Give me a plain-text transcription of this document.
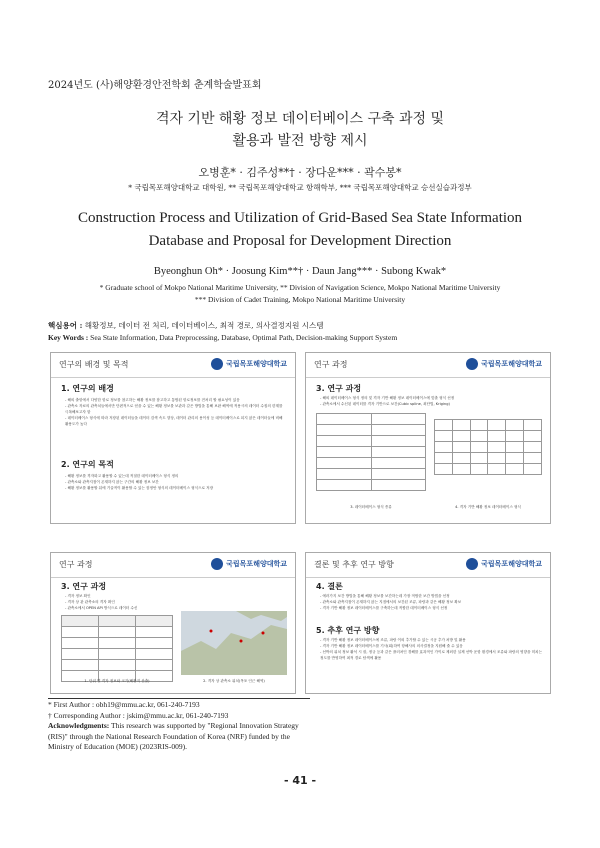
2024년도 (사)해양환경안전학회 춘계학술발표회
격자 기반 해황 정보 데이터베이스 구축 과정 및
활용과 발전 방향 제시
오병훈* · 김주성**† · 장다운*** · 곽수봉*
* 국립목포해양대학교 대학원, ** 국립목포해양대학교 항해학부, *** 국립목포해양대학교 승선실습과정부
Construction Process and Utilization of Grid-Based Sea State Information
Database and Proposal for Development Direction
Byeonghun Oh* · Joosung Kim**† · Daun Jang*** · Subong Kwak*
* Graduate school of Mokpo National Maritime University, ** Division of Navigation Science, Mokpo National Maritime University
*** Division of Cadet Training, Mokpo National Maritime University
핵심용어 : 해황정보, 데이터 전 처리, 데이터베이스, 최적 경로, 의사결정지원 시스템
Key Words : Sea State Information, Data Preprocessing, Database, Optimal Path, Decision-making Support System
연구의 배경 및 목적	국립목포해양대학교
1. 연구의 배경
- 해외 출항에서 다양한 항로 정보를 참고하는 해황 정보를 참고하고 통합된 항로정보를 전처리 할 필요성이 있음
- 관측소 자료의 관측치들에서만 단편적으로 얻을 수 있는 해황 정보를 보관과 같은 방법을 통해 보완 해역에 적용시켜 데이터 수집의 한계를 극복해보고자 함
- 데이터베이스 형식에 따라 저장된 데이터들을 데이터 검색 속도 향상, 데이터 관리의 용이성 등 데이터베이스로 되지 않은 데이터들에 비해 활용도가 높다
2. 연구의 목적
- 해황 정보를 격자화고 활용할 수 있는데 적절한 데이터베이스 형식 정의
- 관측소와 관측지점이 존재하지 않는 구간의 해황 정보 보간
- 해황 정보를 활용할 뒤에 기술적이 활용할 수 있는 잠정안 형식의 데이터베이스 형식으로 저장
연구 과정	국립목포해양대학교
3. 연구 과정
- 해외 데이터베이스 형식 정의 및 격자 기반 해황 정보 데이터베이스에 맞춘 형식 선정
- 관측소에서 수신된 데이터를 격자 기반으로 보간(Cubic spline, 최단법, Kriging)

3. 데이터베이스 형식 종류	4. 격자 기반 해황 정보 데이터베이스 형식
연구 과정	국립목포해양대학교
3. 연구 과정
- 격자 정보 확인
- 격자 상 관 관측소의 격자 확인
- 관측소에서 OPEN API 방식으로 데이터 수신

1. 단위 별 격자 정보와 크기(해황지 산출)	2. 격자 상 관측소 위치(목포 인근 해역)
결론 및 추후 연구 방향	국립목포해양대학교
4. 결론
- 에러가지 보간 방법을 통해 해황 정보를 보간하는데 가장 적합한 보간 방법을 선정
- 관측소와 관측지점이 존재하지 않는 지점에서의 보간된 조류, 파랑과 같은 해황 정보 확보
- 격자 기반 해황 정보 데이터베이스를 구축하는데 적합한 데이터베이스 형식 선정
5. 추후 연구 방향
- 격자 기반 해황 정보 데이터베이스에 조류, 파랑 이외 추가할 수 있는 시공 추가 처방 및 활용
- 격자 기반 해황 정보 데이터베이스를 기사(회)하여 항해사의 의사결정을 지원해 줄 수 있음
- 선박의 위치 정보 활석 시 잘, 정규 등과 같은 플러처인 경해를 효과적인 가이로 제외한 실제 선박 운항 환경에서 조류와 파랑의 영향을 미치는 정도를 반영하여 최적 경로 탐색에 활용
* First Author : obh19@mmu.ac.kr, 061-240-7193
† Corresponding Author : jskim@mmu.ac.kr, 061-240-7193
Acknowledgments: This research was supported by "Regional Innovation Strategy (RIS)" through the National Research Foundation of Korea (NRF) funded by the Ministry of Education (MOE) (2023RIS-009).
- 41 -
